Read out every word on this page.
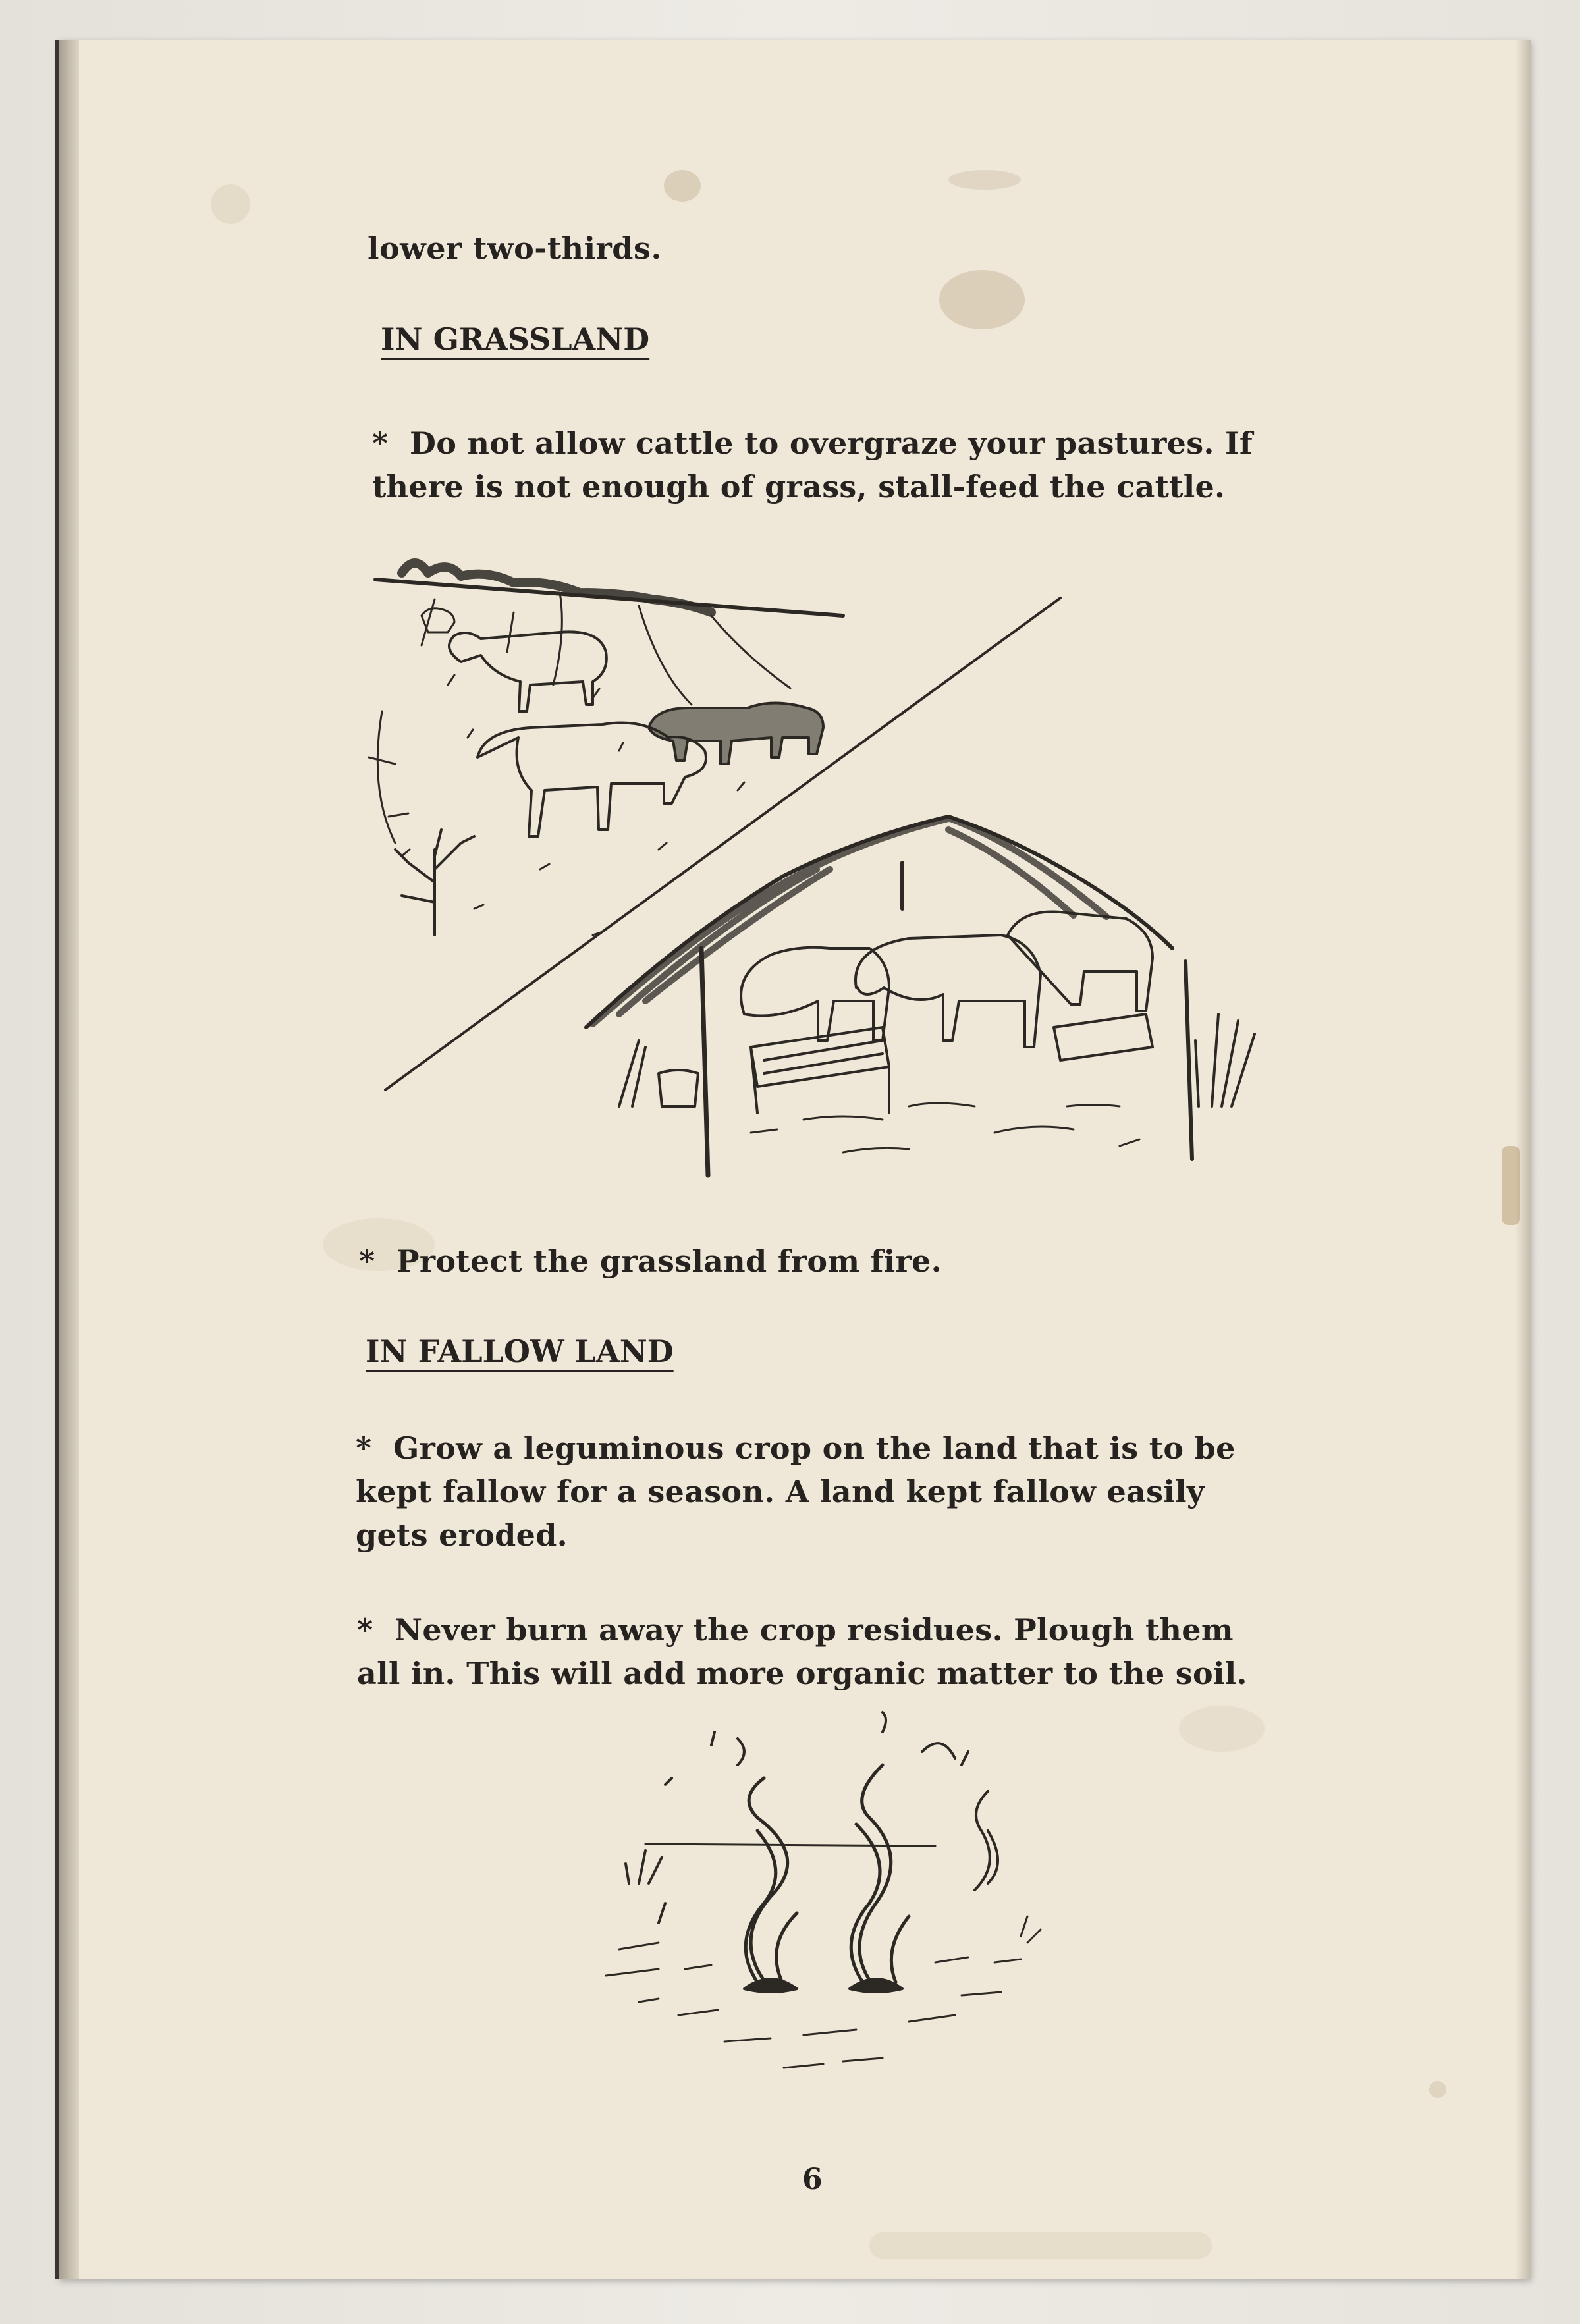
lower two-thirds.

IN GRASSLAND
* Do not allow cattle to overgraze your pastures. If
there is not enough of grass, stall-feed the cattle.
* Protect the grassland from fire.
IN FALLOW LAND
* Grow a leguminous crop on the land that is to be
kept fallow for a season. A land kept fallow easily
gets eroded.
* Never burn away the crop residues. Plough them
all in. This will add more organic matter to the soil.
6
